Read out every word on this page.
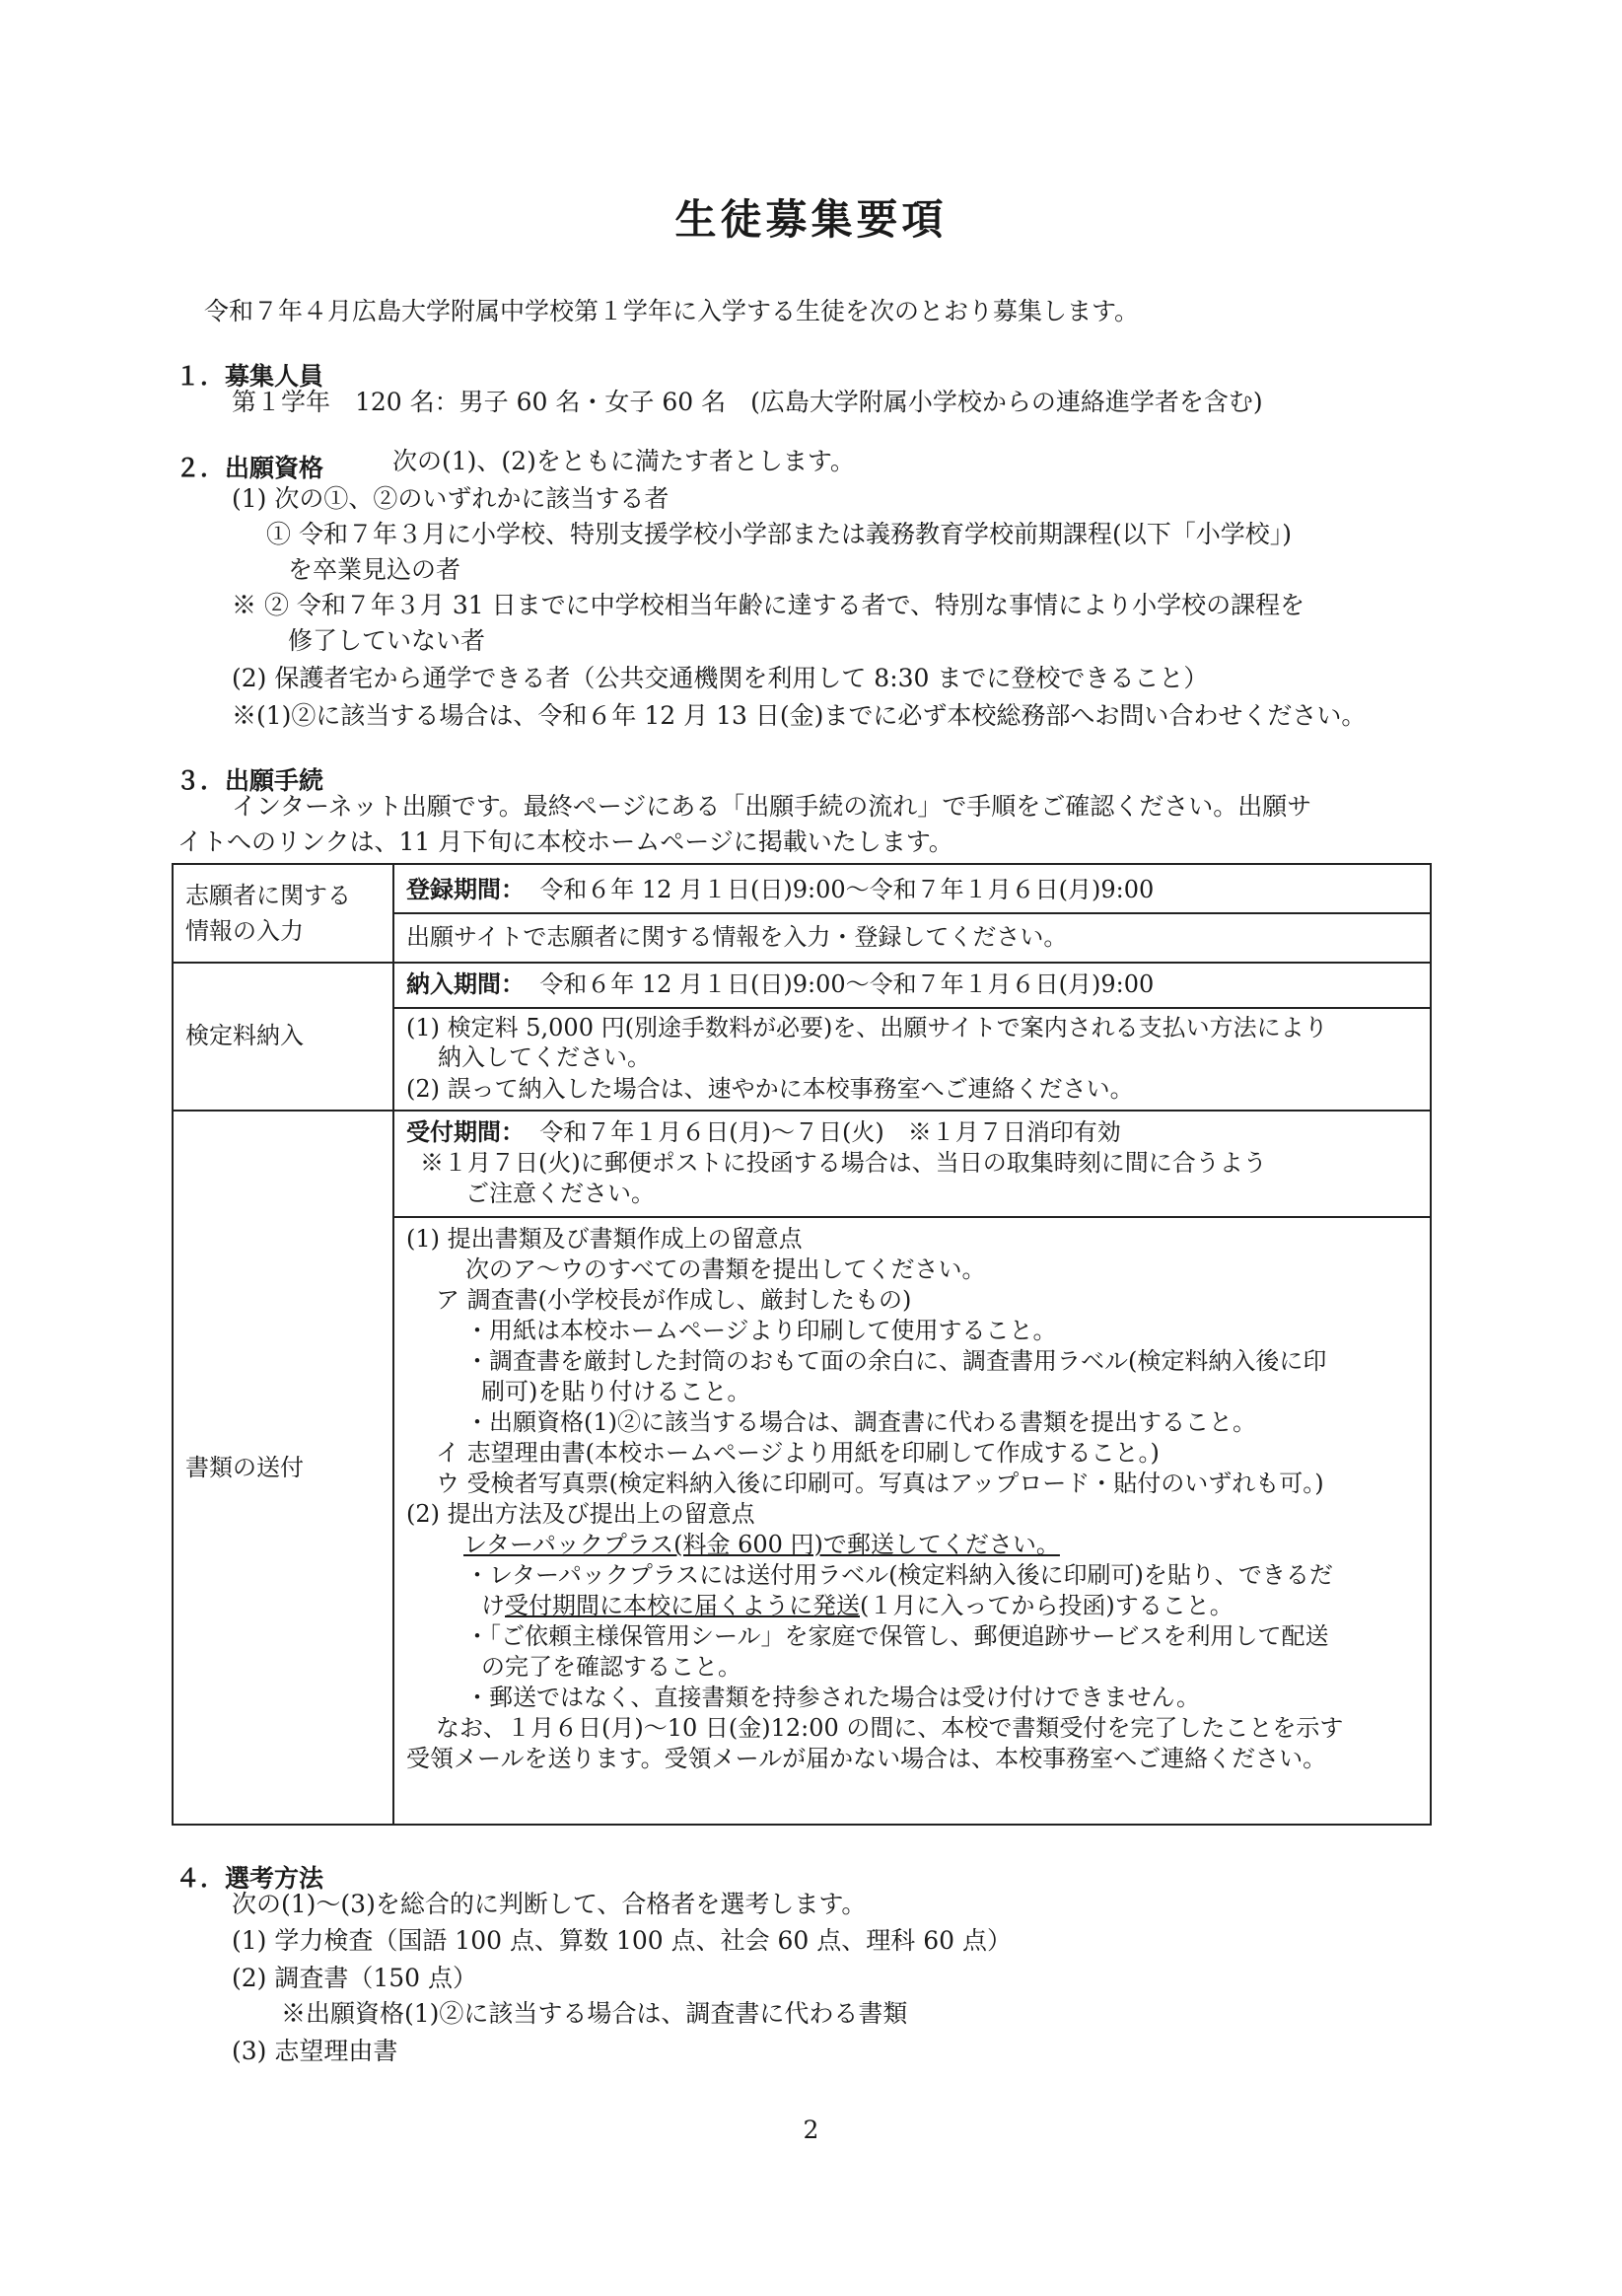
生徒募集要項
令和７年４月広島大学附属中学校第１学年に入学する生徒を次のとおり募集します。
１．募集人員
第１学年　120 名：男子 60 名・女子 60 名　(広島大学附属小学校からの連絡進学者を含む)
２．出願資格	次の(1)、(2)をともに満たす者とします。
(1) 次の①、②のいずれかに該当する者
① 令和７年３月に小学校、特別支援学校小学部または義務教育学校前期課程(以下「小学校」)
を卒業見込の者
※ ② 令和７年３月 31 日までに中学校相当年齢に達する者で、特別な事情により小学校の課程を
修了していない者
(2) 保護者宅から通学できる者（公共交通機関を利用して 8:30 までに登校できること）
※(1)②に該当する場合は、令和６年 12 月 13 日(金)までに必ず本校総務部へお問い合わせください。
３．出願手続
インターネット出願です。最終ページにある「出願手続の流れ」で手順をご確認ください。出願サ
イトへのリンクは、11 月下旬に本校ホームページに掲載いたします。
志願者に関する
情報の入力
登録期間： 令和６年 12 月１日(日)9:00〜令和７年１月６日(月)9:00
出願サイトで志願者に関する情報を入力・登録してください。
検定料納入
納入期間： 令和６年 12 月１日(日)9:00〜令和７年１月６日(月)9:00
(1) 検定料 5,000 円(別途手数料が必要)を、出願サイトで案内される支払い方法により
納入してください。
(2) 誤って納入した場合は、速やかに本校事務室へご連絡ください。
書類の送付
受付期間： 令和７年１月６日(月)〜７日(火)　※１月７日消印有効
※１月７日(火)に郵便ポストに投函する場合は、当日の取集時刻に間に合うよう
ご注意ください。
(1) 提出書類及び書類作成上の留意点
次のア〜ウのすべての書類を提出してください。
ア 調査書(小学校長が作成し、厳封したもの)
・用紙は本校ホームページより印刷して使用すること。
・調査書を厳封した封筒のおもて面の余白に、調査書用ラベル(検定料納入後に印
刷可)を貼り付けること。
・出願資格(1)②に該当する場合は、調査書に代わる書類を提出すること。
イ 志望理由書(本校ホームページより用紙を印刷して作成すること。)
ウ 受検者写真票(検定料納入後に印刷可。写真はアップロード・貼付のいずれも可。)
(2) 提出方法及び提出上の留意点
レターパックプラス(料金 600 円)で郵送してください。
・レターパックプラスには送付用ラベル(検定料納入後に印刷可)を貼り、できるだ
け受付期間に本校に届くように発送(１月に入ってから投函)すること。
・「ご依頼主様保管用シール」を家庭で保管し、郵便追跡サービスを利用して配送
の完了を確認すること。
・郵送ではなく、直接書類を持参された場合は受け付けできません。
なお、１月６日(月)〜10 日(金)12:00 の間に、本校で書類受付を完了したことを示す
受領メールを送ります。受領メールが届かない場合は、本校事務室へご連絡ください。
４．選考方法
次の(1)〜(3)を総合的に判断して、合格者を選考します。
(1) 学力検査（国語 100 点、算数 100 点、社会 60 点、理科 60 点）
(2) 調査書（150 点）
※出願資格(1)②に該当する場合は、調査書に代わる書類
(3) 志望理由書
2
